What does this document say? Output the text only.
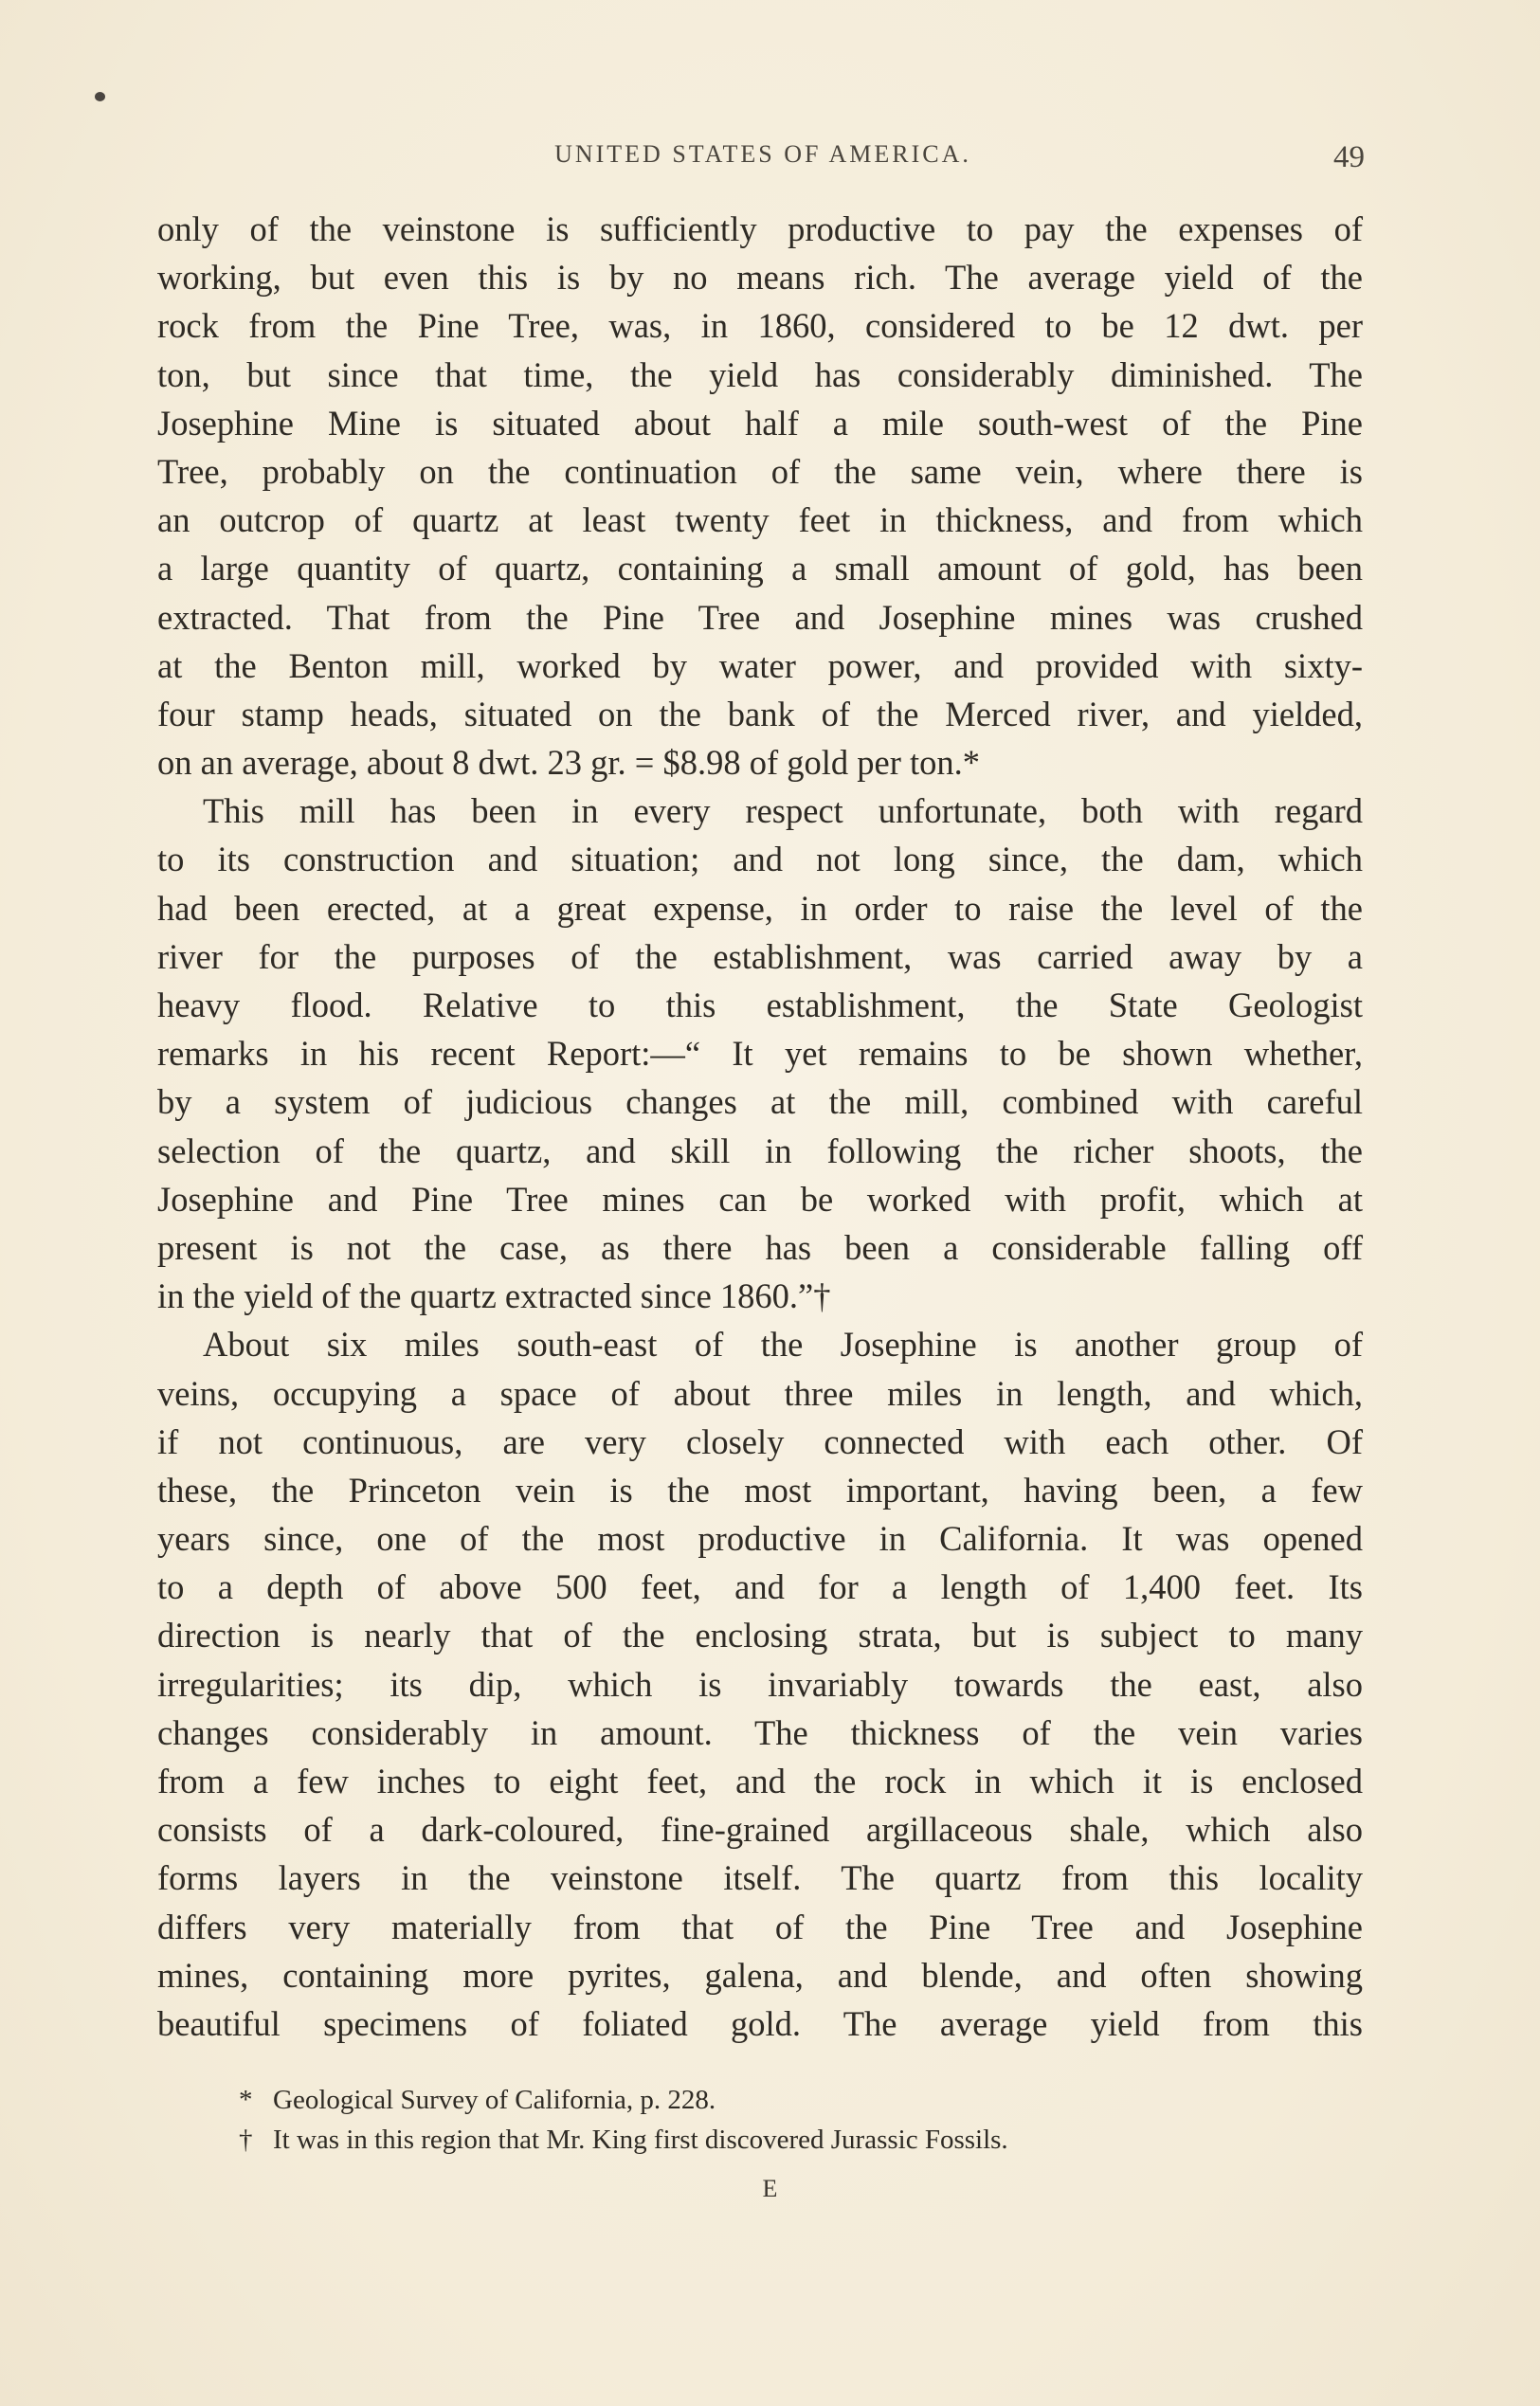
UNITED STATES OF AMERICA.	49
only of the veinstone is sufficiently productive to pay the expenses of
working, but even this is by no means rich. The average yield of the
rock from the Pine Tree, was, in 1860, considered to be 12 dwt. per
ton, but since that time, the yield has considerably diminished. The
Josephine Mine is situated about half a mile south-west of the Pine
Tree, probably on the continuation of the same vein, where there is
an outcrop of quartz at least twenty feet in thickness, and from which
a large quantity of quartz, containing a small amount of gold, has been
extracted. That from the Pine Tree and Josephine mines was crushed
at the Benton mill, worked by water power, and provided with sixty-
four stamp heads, situated on the bank of the Merced river, and yielded,
on an average, about 8 dwt. 23 gr. = $8.98 of gold per ton.*
This mill has been in every respect unfortunate, both with regard
to its construction and situation; and not long since, the dam, which
had been erected, at a great expense, in order to raise the level of the
river for the purposes of the establishment, was carried away by a
heavy flood. Relative to this establishment, the State Geologist
remarks in his recent Report:—“ It yet remains to be shown whether,
by a system of judicious changes at the mill, combined with careful
selection of the quartz, and skill in following the richer shoots, the
Josephine and Pine Tree mines can be worked with profit, which at
present is not the case, as there has been a considerable falling off
in the yield of the quartz extracted since 1860.”†
About six miles south-east of the Josephine is another group of
veins, occupying a space of about three miles in length, and which,
if not continuous, are very closely connected with each other. Of
these, the Princeton vein is the most important, having been, a few
years since, one of the most productive in California. It was opened
to a depth of above 500 feet, and for a length of 1,400 feet. Its
direction is nearly that of the enclosing strata, but is subject to many
irregularities; its dip, which is invariably towards the east, also
changes considerably in amount. The thickness of the vein varies
from a few inches to eight feet, and the rock in which it is enclosed
consists of a dark-coloured, fine-grained argillaceous shale, which also
forms layers in the veinstone itself. The quartz from this locality
differs very materially from that of the Pine Tree and Josephine
mines, containing more pyrites, galena, and blende, and often showing
beautiful specimens of foliated gold. The average yield from this
* Geological Survey of California, p. 228.
† It was in this region that Mr. King first discovered Jurassic Fossils.
E
